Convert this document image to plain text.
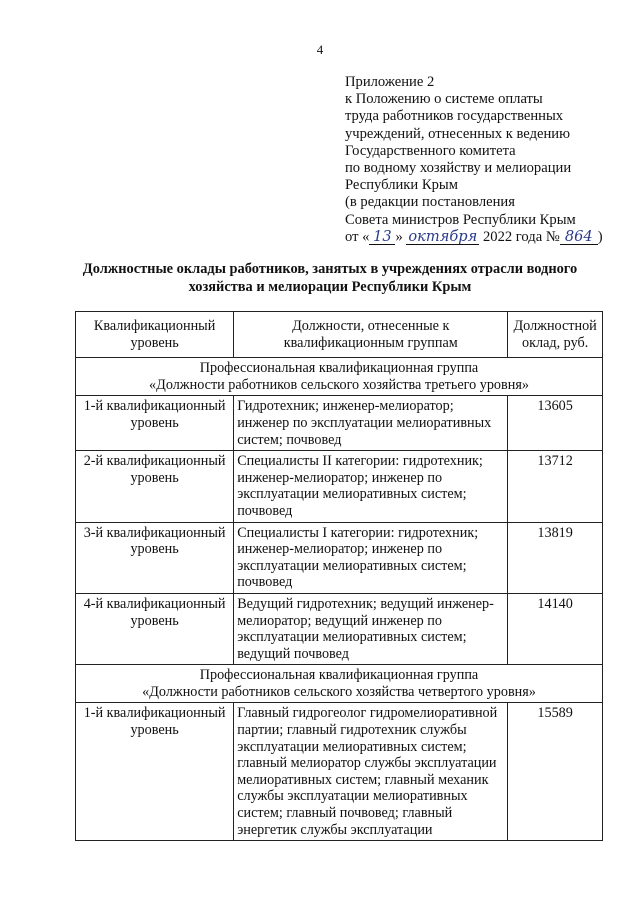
4
Приложение 2
к Положению о системе оплаты
труда работников государственных
учреждений, отнесенных к ведению
Государственного комитета
по водному хозяйству и мелиорации
Республики Крым
(в редакции постановления
Совета министров Республики Крым
от « 13 » октября 2022 года № 864 )
Должностные оклады работников, занятых в учреждениях отрасли водного
хозяйства и мелиорации Республики Крым
Квалификационный уровень	Должности, отнесенные к квалификационным группам	Должностной оклад, руб.

Профессиональная квалификационная группа
«Должности работников сельского хозяйства третьего уровня»		

1-й квалификационный уровень	Гидротехник; инженер-мелиоратор; инженер по эксплуатации мелиоративных систем; почвовед	13605
2-й квалификационный уровень	Специалисты II категории: гидротехник; инженер-мелиоратор; инженер по эксплуатации мелиоративных систем; почвовед	13712
3-й квалификационный уровень	Специалисты I категории: гидротехник; инженер-мелиоратор; инженер по эксплуатации мелиоративных систем; почвовед	13819
4-й квалификационный уровень	Ведущий гидротехник; ведущий инженер-мелиоратор; ведущий инженер по эксплуатации мелиоративных систем; ведущий почвовед	14140

Профессиональная квалификационная группа
«Должности работников сельского хозяйства четвертого уровня»		

1-й квалификационный уровень	Главный гидрогеолог гидромелиоративной партии; главный гидротехник службы эксплуатации мелиоративных систем; главный мелиоратор службы эксплуатации мелиоративных систем; главный механик службы эксплуатации мелиоративных систем; главный почвовед; главный энергетик службы эксплуатации	15589
